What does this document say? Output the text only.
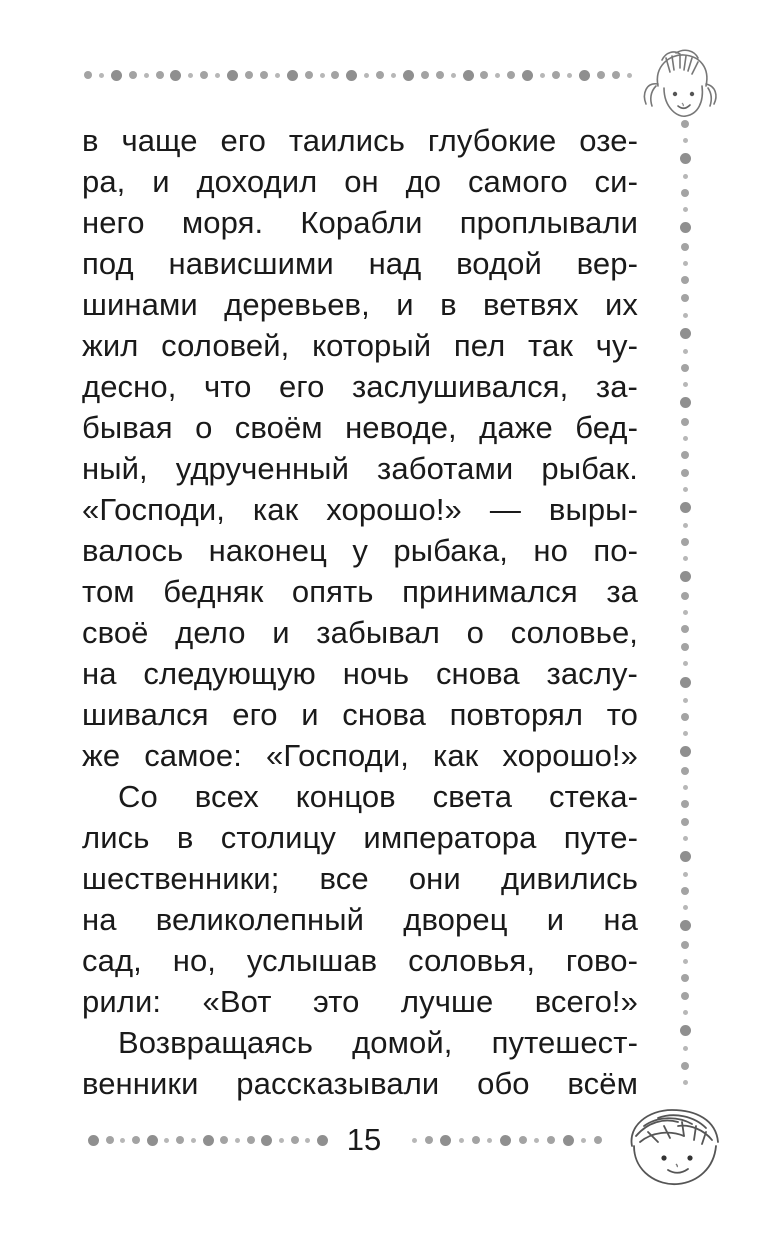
в чаще его таились глубокие озе-
ра, и доходил он до самого си-
него моря. Корабли проплывали
под нависшими над водой вер-
шинами деревьев, и в ветвях их
жил соловей, который пел так чу-
десно, что его заслушивался, за-
бывая о своём неводе, даже бед-
ный, удрученный заботами рыбак.
«Господи, как хорошо!» — выры-
валось наконец у рыбака, но по-
том бедняк опять принимался за
своё дело и забывал о соловье,
на следующую ночь снова заслу-
шивался его и снова повторял то
же самое: «Господи, как хорошо!»
Со всех концов света стека-
лись в столицу императора путе-
шественники; все они дивились
на великолепный дворец и на
сад, но, услышав соловья, гово-
рили: «Вот это лучше всего!»
Возвращаясь домой, путешест-
венники рассказывали обо всём
15
